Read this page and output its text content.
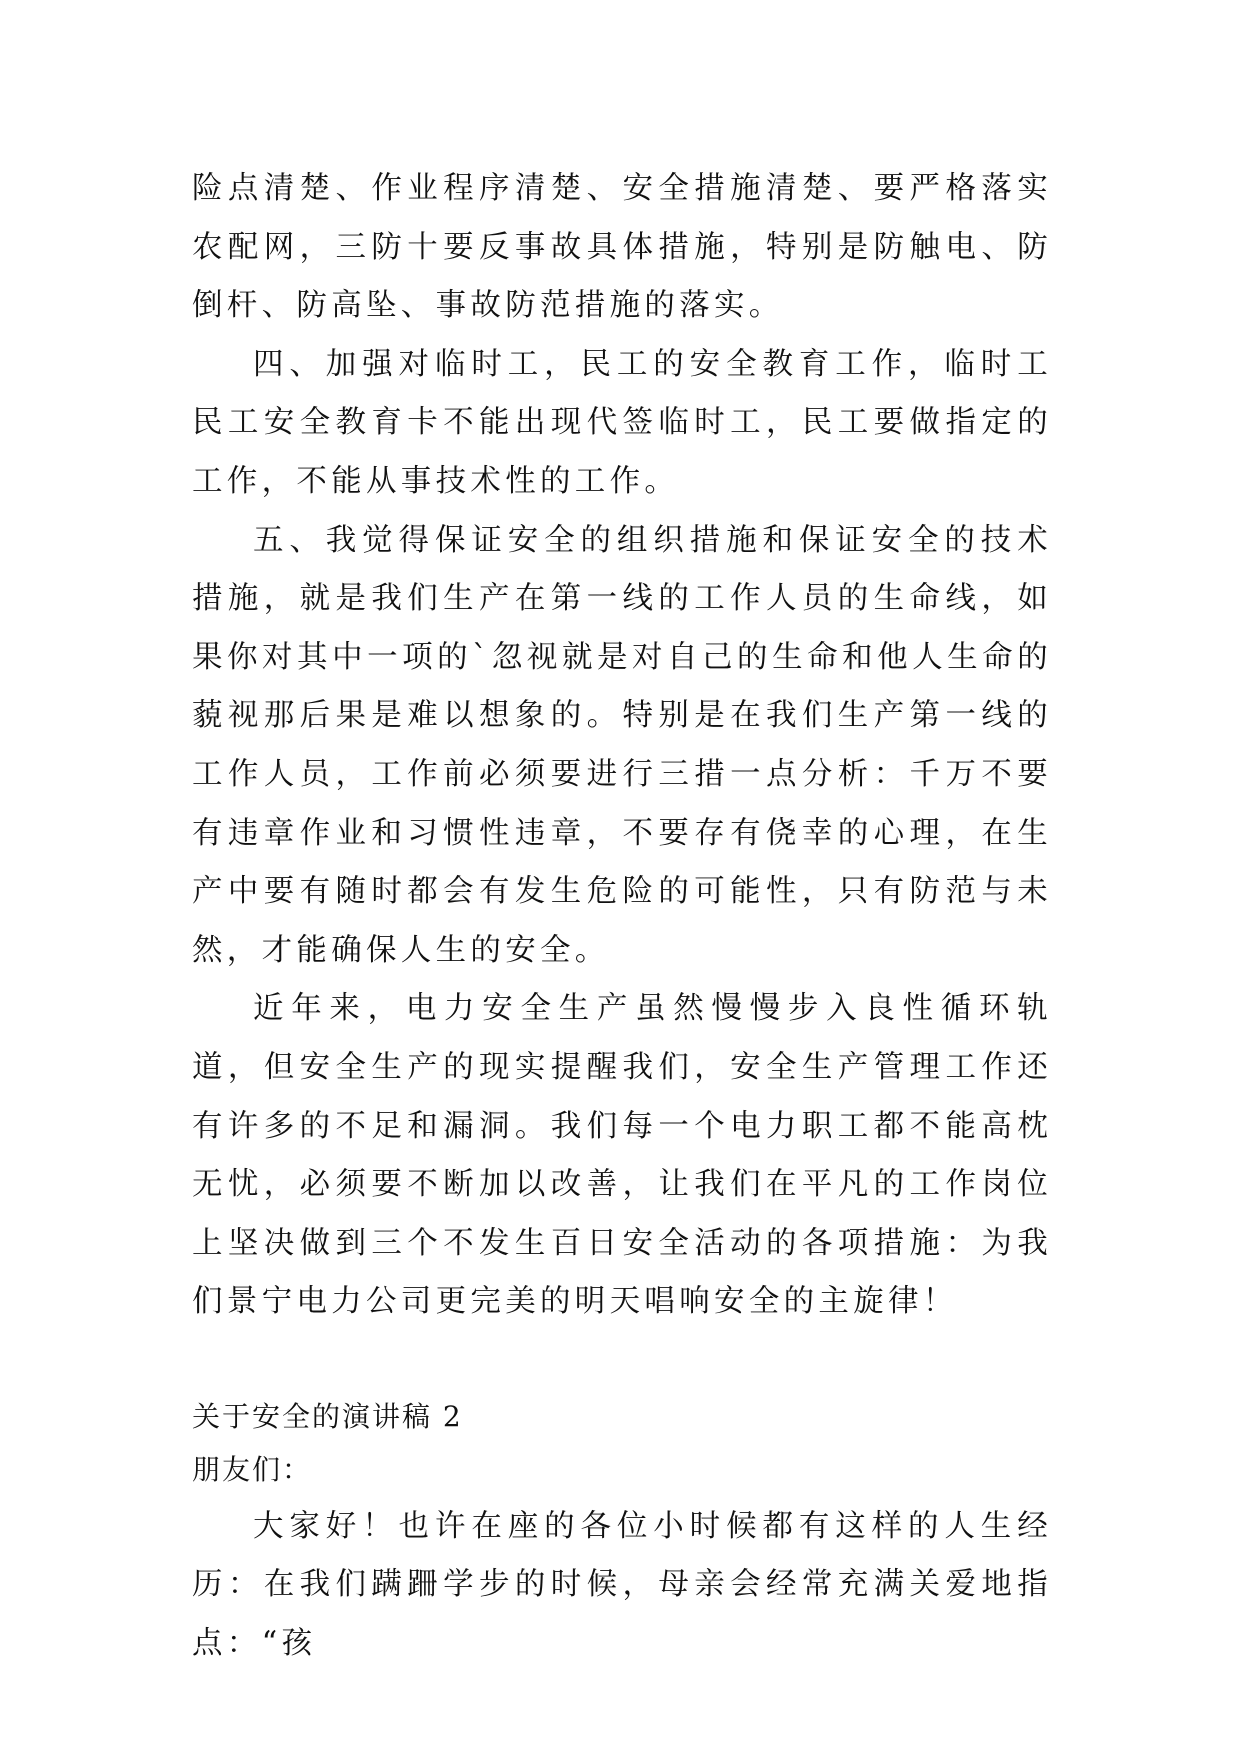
险点清楚、作业程序清楚、安全措施清楚、要严格落实农配网，三防十要反事故具体措施，特别是防触电、防倒杆、防高坠、事故防范措施的落实。

四、加强对临时工，民工的安全教育工作，临时工民工安全教育卡不能出现代签临时工，民工要做指定的工作，不能从事技术性的工作。

五、我觉得保证安全的组织措施和保证安全的技术措施，就是我们生产在第一线的工作人员的生命线，如果你对其中一项的`忽视就是对自己的生命和他人生命的藐视那后果是难以想象的。特别是在我们生产第一线的工作人员，工作前必须要进行三措一点分析：千万不要有违章作业和习惯性违章，不要存有侥幸的心理，在生产中要有随时都会有发生危险的可能性，只有防范与未然，才能确保人生的安全。

近年来，电力安全生产虽然慢慢步入良性循环轨道，但安全生产的现实提醒我们，安全生产管理工作还有许多的不足和漏洞。我们每一个电力职工都不能高枕无忧，必须要不断加以改善，让我们在平凡的工作岗位上坚决做到三个不发生百日安全活动的各项措施：为我们景宁电力公司更完美的明天唱响安全的主旋律！

关于安全的演讲稿 2

朋友们：

大家好！也许在座的各位小时候都有这样的人生经历：在我们蹒跚学步的时候，母亲会经常充满关爱地指点：“孩
